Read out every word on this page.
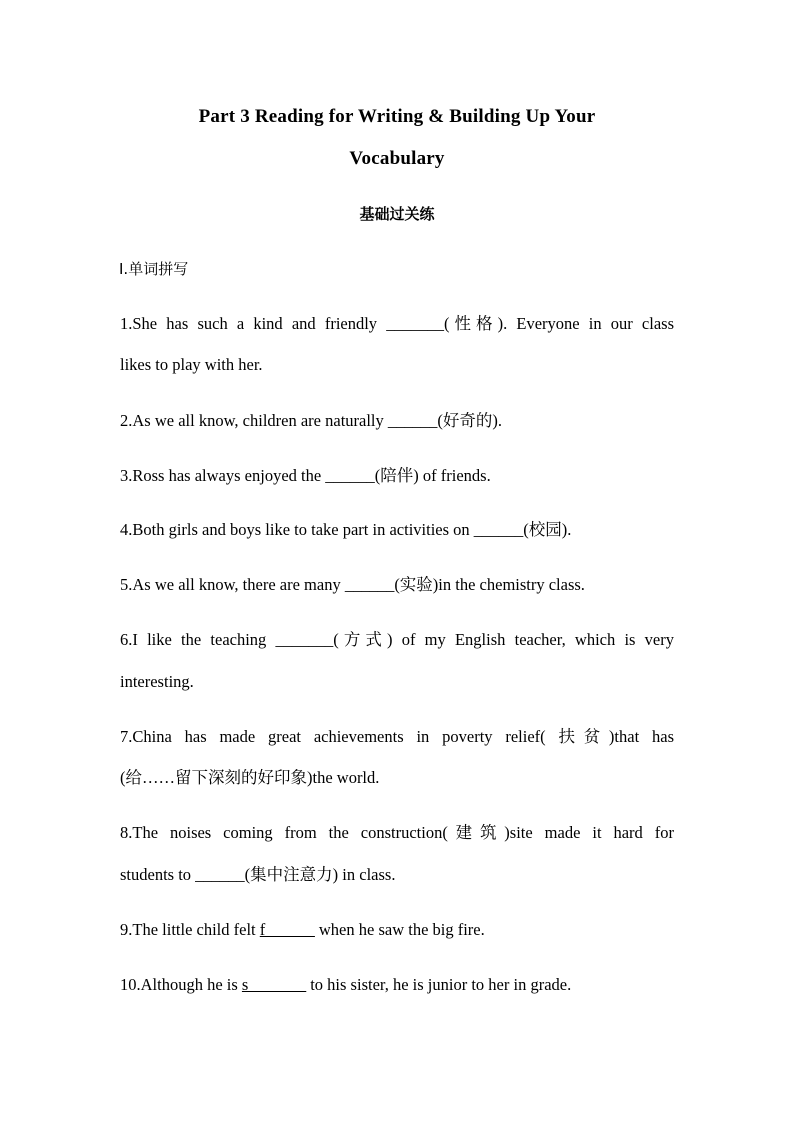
Part 3 Reading for Writing & Building Up Your
Vocabulary
基础过关练
Ⅰ.单词拼写
1.She has such a kind and friendly _______(性格). Everyone in our class
likes to play with her.
2.As we all know, children are naturally ______(好奇的).
3.Ross has always enjoyed the ______(陪伴) of friends.
4.Both girls and boys like to take part in activities on ______(校园).
5.As we all know, there are many ______(实验)in the chemistry class.
6.I like the teaching _______(方式) of my English teacher, which is very
interesting.
7.China has made great achievements in poverty relief( 扶贫)that has
(给……留下深刻的好印象)the world.
8.The noises coming from the construction(建筑)site made it hard for
students to ______(集中注意力) in class.
9.The little child felt f______ when he saw the big fire.
10.Although he is s_______ to his sister, he is junior to her in grade.
